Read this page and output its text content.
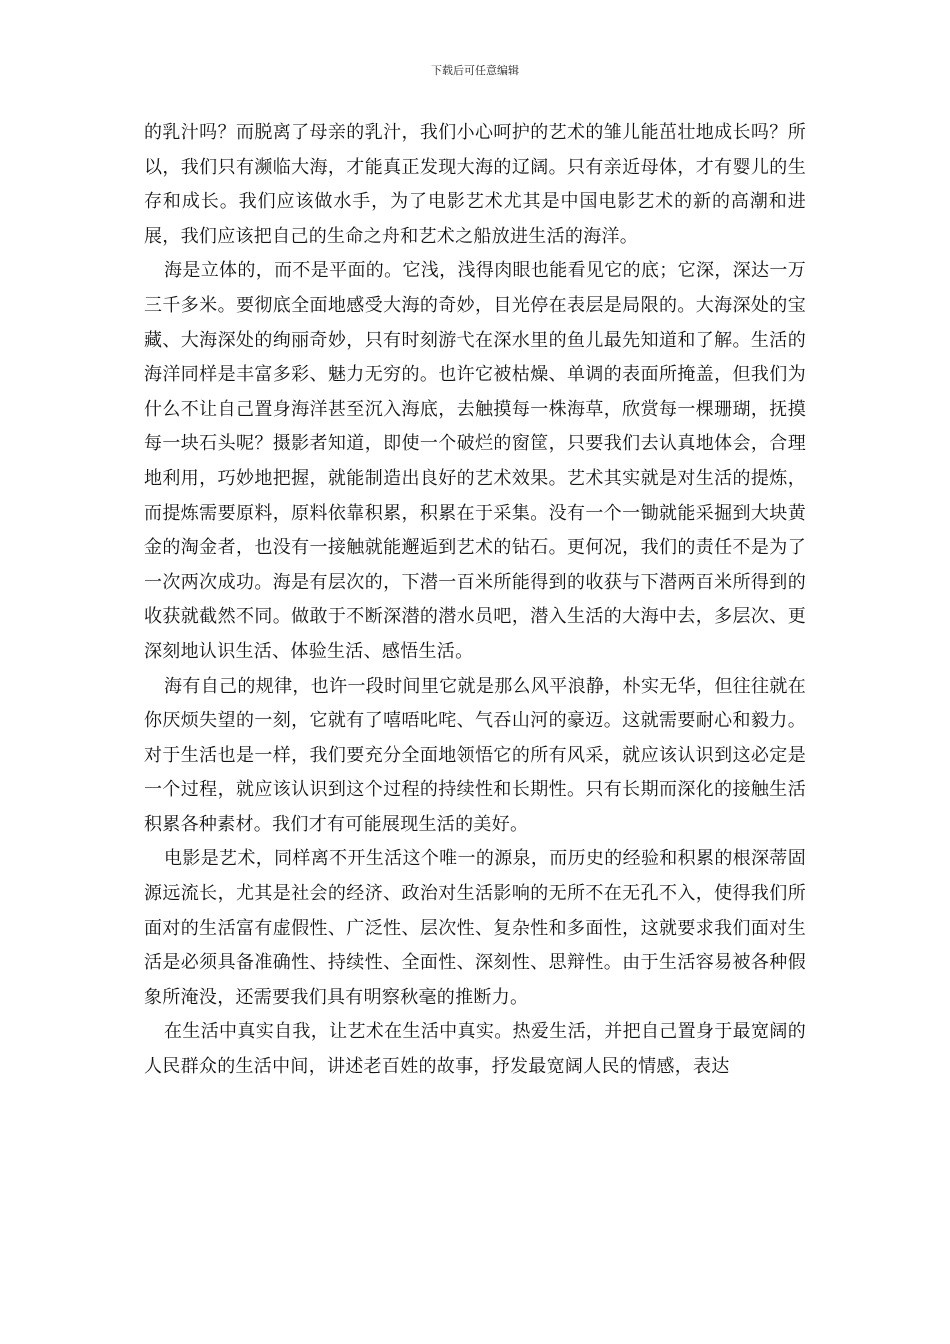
下载后可任意编辑

的乳汁吗？而脱离了母亲的乳汁，我们小心呵护的艺术的雏儿能茁壮地成长吗？所以，我们只有濒临大海，才能真正发现大海的辽阔。只有亲近母体，才有婴儿的生存和成长。我们应该做水手，为了电影艺术尤其是中国电影艺术的新的高潮和进展，我们应该把自己的生命之舟和艺术之船放进生活的海洋。

海是立体的，而不是平面的。它浅，浅得肉眼也能看见它的底；它深，深达一万三千多米。要彻底全面地感受大海的奇妙，目光停在表层是局限的。大海深处的宝藏、大海深处的绚丽奇妙，只有时刻游弋在深水里的鱼儿最先知道和了解。生活的海洋同样是丰富多彩、魅力无穷的。也许它被枯燥、单调的表面所掩盖，但我们为什么不让自己置身海洋甚至沉入海底，去触摸每一株海草，欣赏每一棵珊瑚，抚摸每一块石头呢？摄影者知道，即使一个破烂的窗筐，只要我们去认真地体会，合理地利用，巧妙地把握，就能制造出良好的艺术效果。艺术其实就是对生活的提炼，而提炼需要原料，原料依靠积累，积累在于采集。没有一个一锄就能采掘到大块黄金的淘金者，也没有一接触就能邂逅到艺术的钻石。更何况，我们的责任不是为了一次两次成功。海是有层次的，下潜一百米所能得到的收获与下潜两百米所得到的收获就截然不同。做敢于不断深潜的潜水员吧，潜入生活的大海中去，多层次、更深刻地认识生活、体验生活、感悟生活。

海有自己的规律，也许一段时间里它就是那么风平浪静，朴实无华，但往往就在你厌烦失望的一刻，它就有了嘻唔叱咤、气吞山河的豪迈。这就需要耐心和毅力。对于生活也是一样，我们要充分全面地领悟它的所有风采，就应该认识到这必定是一个过程，就应该认识到这个过程的持续性和长期性。只有长期而深化的接触生活积累各种素材。我们才有可能展现生活的美好。

电影是艺术，同样离不开生活这个唯一的源泉，而历史的经验和积累的根深蒂固源远流长，尤其是社会的经济、政治对生活影响的无所不在无孔不入，使得我们所面对的生活富有虚假性、广泛性、层次性、复杂性和多面性，这就要求我们面对生活是必须具备准确性、持续性、全面性、深刻性、思辩性。由于生活容易被各种假象所淹没，还需要我们具有明察秋毫的推断力。

在生活中真实自我，让艺术在生活中真实。热爱生活，并把自己置身于最宽阔的人民群众的生活中间，讲述老百姓的故事，抒发最宽阔人民的情感，表达
